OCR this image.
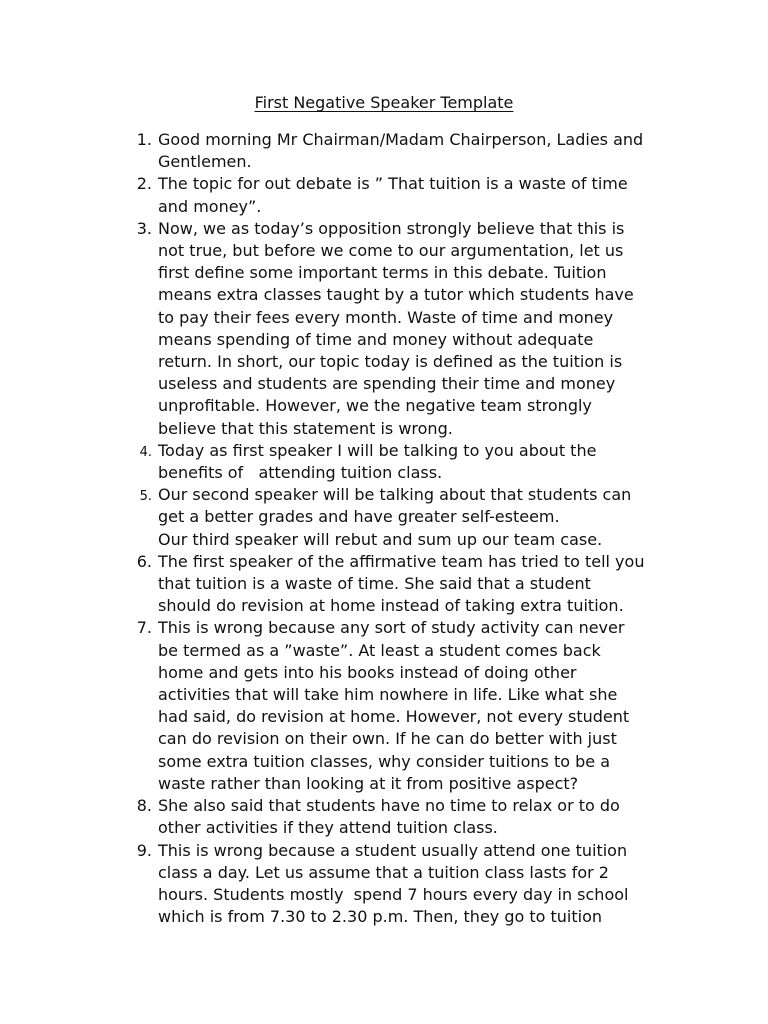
First Negative Speaker Template
1. Good morning Mr Chairman/Madam Chairperson, Ladies and
Gentlemen.
2. The topic for out debate is ” That tuition is a waste of time
and money”.
3. Now, we as today’s opposition strongly believe that this is
not true, but before we come to our argumentation, let us
first define some important terms in this debate. Tuition
means extra classes taught by a tutor which students have
to pay their fees every month. Waste of time and money
means spending of time and money without adequate
return. In short, our topic today is defined as the tuition is
useless and students are spending their time and money
unprofitable. However, we the negative team strongly
believe that this statement is wrong.
4. Today as first speaker I will be talking to you about the
benefits of   attending tuition class.
5. Our second speaker will be talking about that students can
get a better grades and have greater self-esteem.
Our third speaker will rebut and sum up our team case.
6. The first speaker of the affirmative team has tried to tell you
that tuition is a waste of time. She said that a student
should do revision at home instead of taking extra tuition.
7. This is wrong because any sort of study activity can never
be termed as a ”waste”. At least a student comes back
home and gets into his books instead of doing other
activities that will take him nowhere in life. Like what she
had said, do revision at home. However, not every student
can do revision on their own. If he can do better with just
some extra tuition classes, why consider tuitions to be a
waste rather than looking at it from positive aspect?
8. She also said that students have no time to relax or to do
other activities if they attend tuition class.
9. This is wrong because a student usually attend one tuition
class a day. Let us assume that a tuition class lasts for 2
hours. Students mostly  spend 7 hours every day in school
which is from 7.30 to 2.30 p.m. Then, they go to tuition
